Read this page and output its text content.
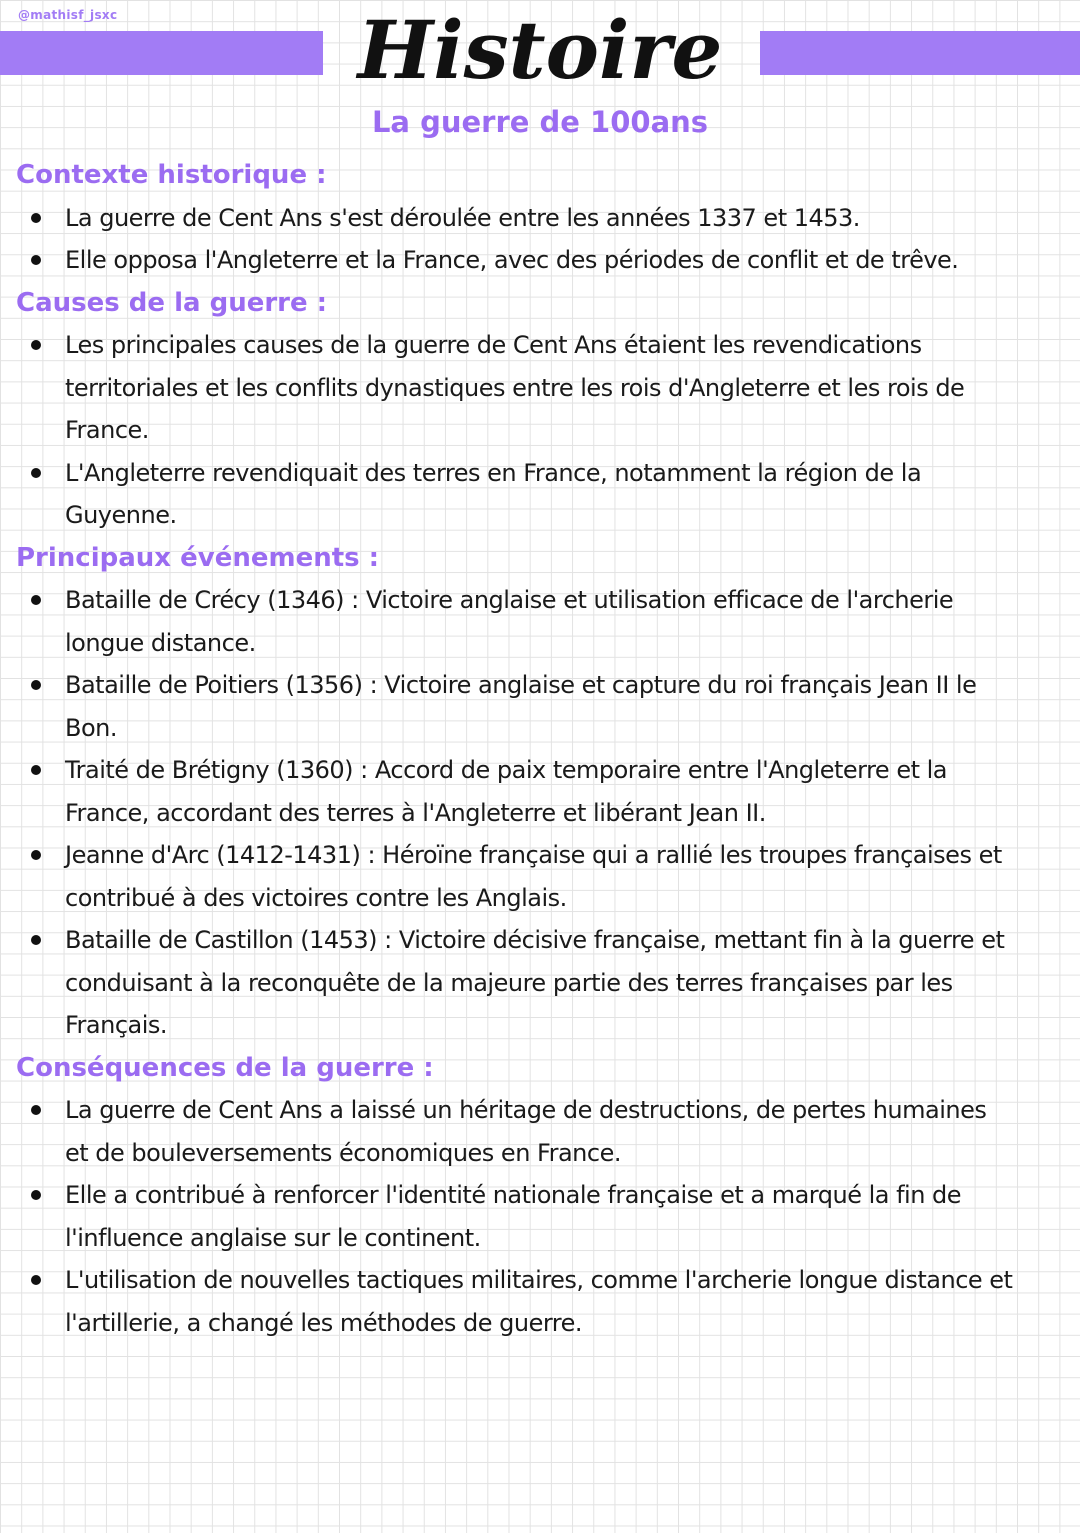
@mathisf_jsxc	Histoire
La guerre de 100ans
Contexte historique :
La guerre de Cent Ans s'est déroulée entre les années 1337 et 1453.
Elle opposa l'Angleterre et la France, avec des périodes de conflit et de trêve.
Causes de la guerre :
Les principales causes de la guerre de Cent Ans étaient les revendications territoriales et les conflits dynastiques entre les rois d'Angleterre et les rois de France.
L'Angleterre revendiquait des terres en France, notamment la région de la Guyenne.
Principaux événements :
Bataille de Crécy (1346) : Victoire anglaise et utilisation efficace de l'archerie longue distance.
Bataille de Poitiers (1356) : Victoire anglaise et capture du roi français Jean II le Bon.
Traité de Brétigny (1360) : Accord de paix temporaire entre l'Angleterre et la France, accordant des terres à l'Angleterre et libérant Jean II.
Jeanne d'Arc (1412-1431) : Héroïne française qui a rallié les troupes françaises et contribué à des victoires contre les Anglais.
Bataille de Castillon (1453) : Victoire décisive française, mettant fin à la guerre et conduisant à la reconquête de la majeure partie des terres françaises par les Français.
Conséquences de la guerre :
La guerre de Cent Ans a laissé un héritage de destructions, de pertes humaines et de bouleversements économiques en France.
Elle a contribué à renforcer l'identité nationale française et a marqué la fin de l'influence anglaise sur le continent.
L'utilisation de nouvelles tactiques militaires, comme l'archerie longue distance et l'artillerie, a changé les méthodes de guerre.
